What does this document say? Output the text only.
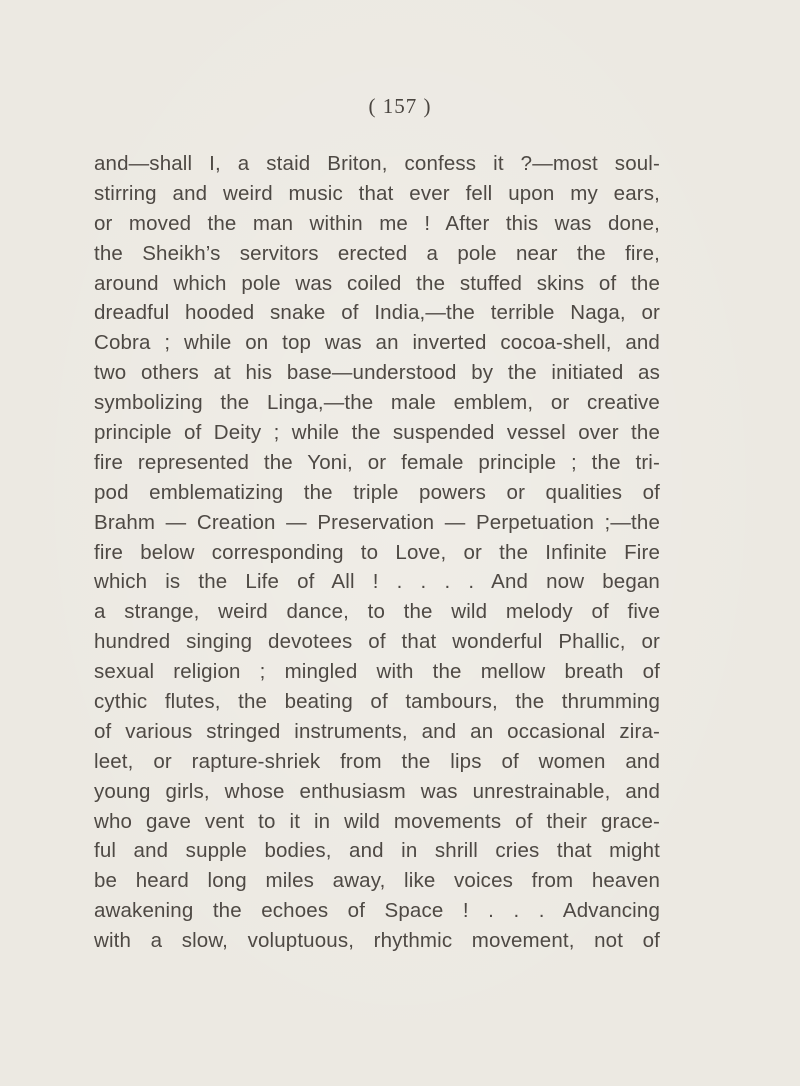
( 157 )
and—shall I, a staid Briton, confess it ?—most soul-
stirring and weird music that ever fell upon my ears,
or moved the man within me ! After this was done,
the Sheikh’s servitors erected a pole near the fire,
around which pole was coiled the stuffed skins of the
dreadful hooded snake of India,—the terrible Naga, or
Cobra ; while on top was an inverted cocoa-shell, and
two others at his base—understood by the initiated as
symbolizing the Linga,—the male emblem, or creative
principle of Deity ; while the suspended vessel over the
fire represented the Yoni, or female principle ; the tri-
pod emblematizing the triple powers or qualities of
Brahm — Creation — Preservation — Perpetuation ;—the
fire below corresponding to Love, or the Infinite Fire
which is the Life of All ! . . . . And now began
a strange, weird dance, to the wild melody of five
hundred singing devotees of that wonderful Phallic, or
sexual religion ; mingled with the mellow breath of
cythic flutes, the beating of tambours, the thrumming
of various stringed instruments, and an occasional zira-
leet, or rapture-shriek from the lips of women and
young girls, whose enthusiasm was unrestrainable, and
who gave vent to it in wild movements of their grace-
ful and supple bodies, and in shrill cries that might
be heard long miles away, like voices from heaven
awakening the echoes of Space ! . . . Advancing
with a slow, voluptuous, rhythmic movement, not of
